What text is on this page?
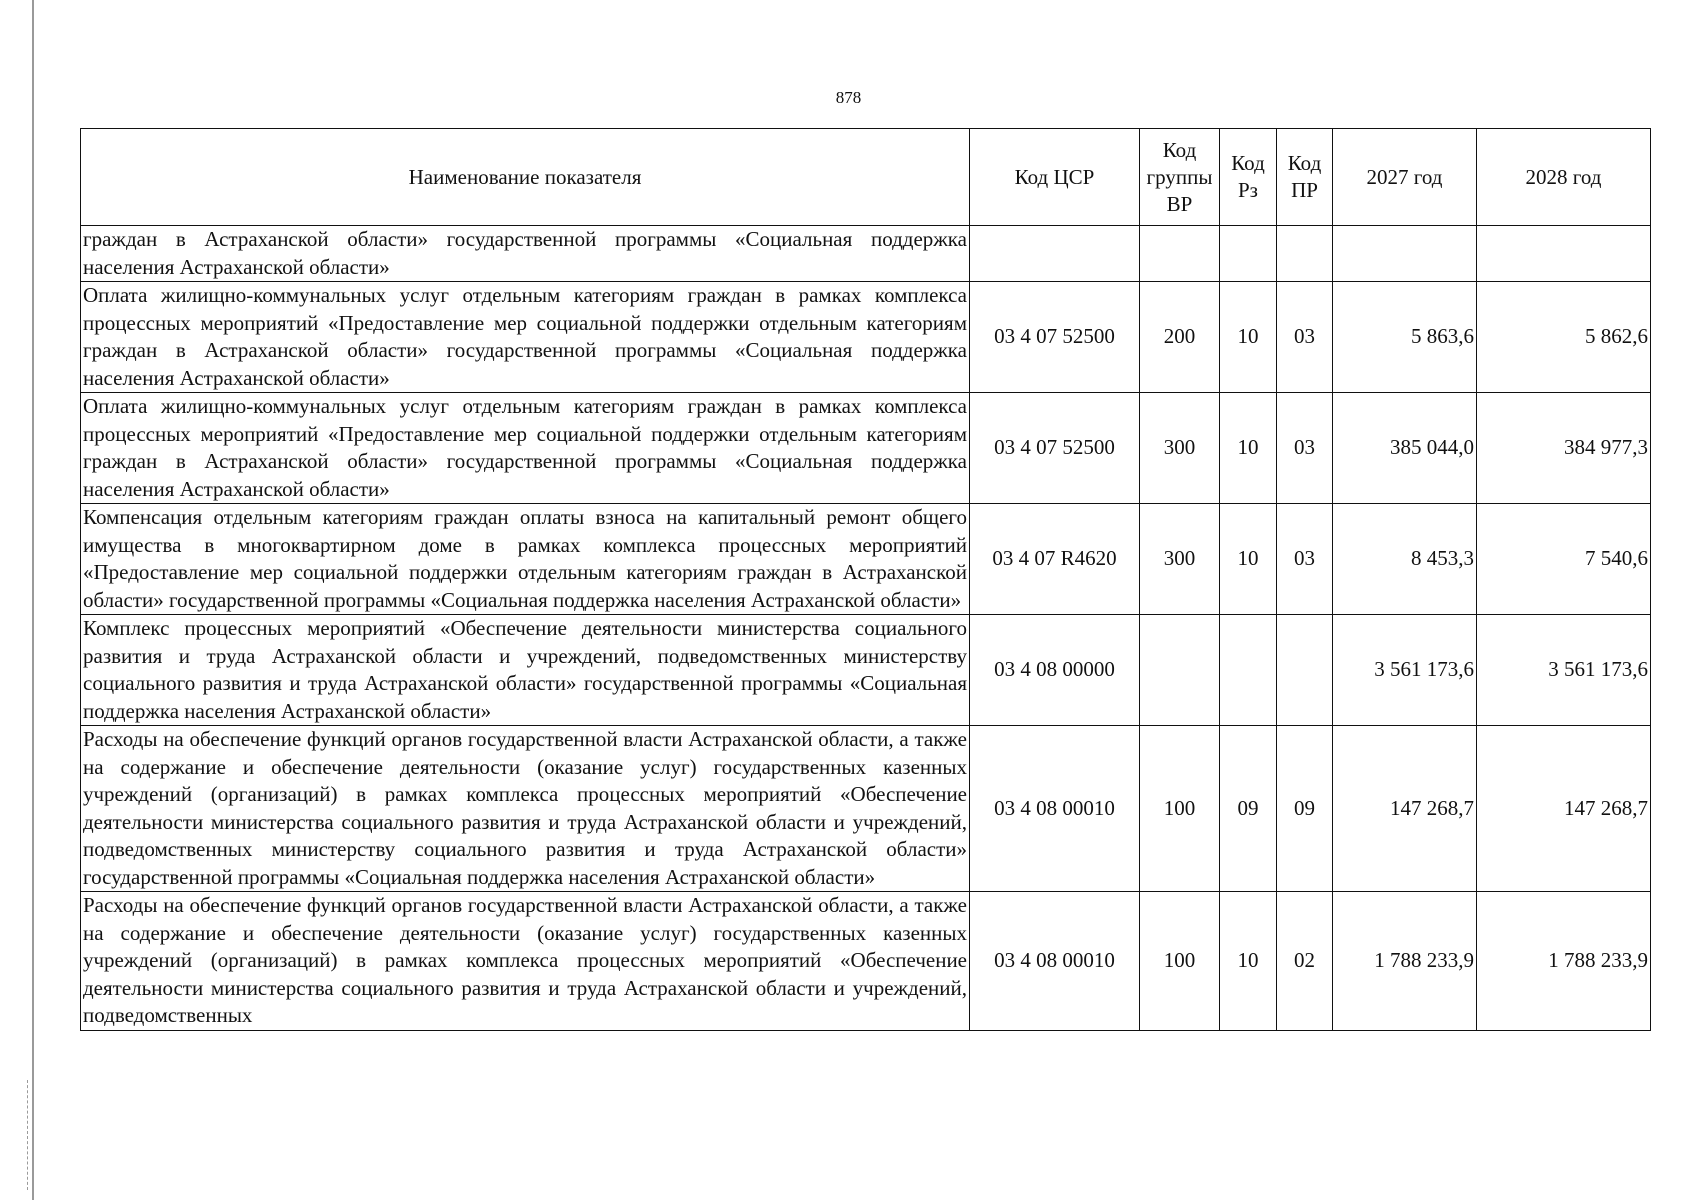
878
Наименование показателя	Код ЦСР	Код группы ВР	Код Рз	Код ПР	2027 год	2028 год
граждан в Астраханской области» государственной программы «Социальная поддержка населения Астраханской области»						
Оплата жилищно-коммунальных услуг отдельным категориям граждан в рамках комплекса процессных мероприятий «Предоставление мер социальной поддержки отдельным категориям граждан в Астраханской области» государственной программы «Социальная поддержка населения Астраханской области»	03 4 07 52500	200	10	03	5 863,6	5 862,6
Оплата жилищно-коммунальных услуг отдельным категориям граждан в рамках комплекса процессных мероприятий «Предоставление мер социальной поддержки отдельным категориям граждан в Астраханской области» государственной программы «Социальная поддержка населения Астраханской области»	03 4 07 52500	300	10	03	385 044,0	384 977,3
Компенсация отдельным категориям граждан оплаты взноса на капитальный ремонт общего имущества в многоквартирном доме в рамках комплекса процессных мероприятий «Предоставление мер социальной поддержки отдельным категориям граждан в Астраханской области» государственной программы «Социальная поддержка населения Астраханской области»	03 4 07 R4620	300	10	03	8 453,3	7 540,6
Комплекс процессных мероприятий «Обеспечение деятельности министерства социального развития и труда Астраханской области и учреждений, подведомственных министерству социального развития и труда Астраханской области» государственной программы «Социальная поддержка населения Астраханской области»	03 4 08 00000				3 561 173,6	3 561 173,6
Расходы на обеспечение функций органов государственной власти Астраханской области, а также на содержание и обеспечение деятельности (оказание услуг) государственных казенных учреждений (организаций) в рамках комплекса процессных мероприятий «Обеспечение деятельности министерства социального развития и труда Астраханской области и учреждений, подведомственных министерству социального развития и труда Астраханской области» государственной программы «Социальная поддержка населения Астраханской области»	03 4 08 00010	100	09	09	147 268,7	147 268,7
Расходы на обеспечение функций органов государственной власти Астраханской области, а также на содержание и обеспечение деятельности (оказание услуг) государственных казенных учреждений (организаций) в рамках комплекса процессных мероприятий «Обеспечение деятельности министерства социального развития и труда Астраханской области и учреждений, подведомственных	03 4 08 00010	100	10	02	1 788 233,9	1 788 233,9
